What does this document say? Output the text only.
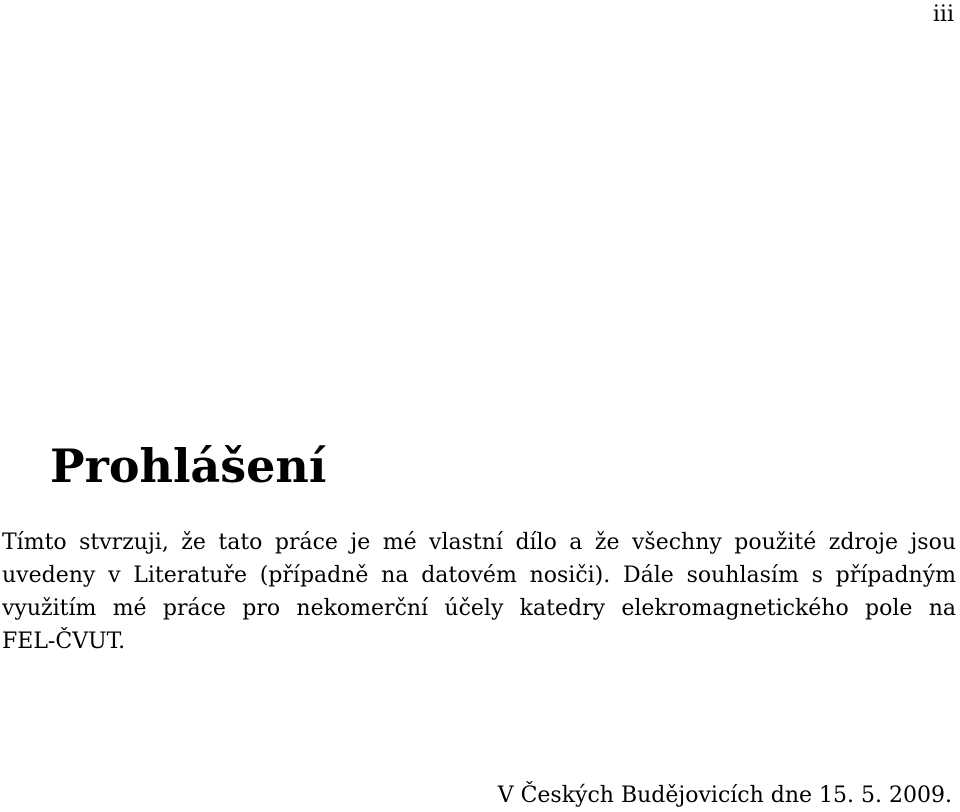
iii
Prohlášení
Tímto stvrzuji, že tato práce je mé vlastní dílo a že všechny použité zdroje jsou
uvedeny v Literatuře (případně na datovém nosiči). Dále souhlasím s případným
využitím mé práce pro nekomerční účely katedry elekromagnetického pole na
FEL-ČVUT.
V Českých Budějovicích dne 15. 5. 2009.
